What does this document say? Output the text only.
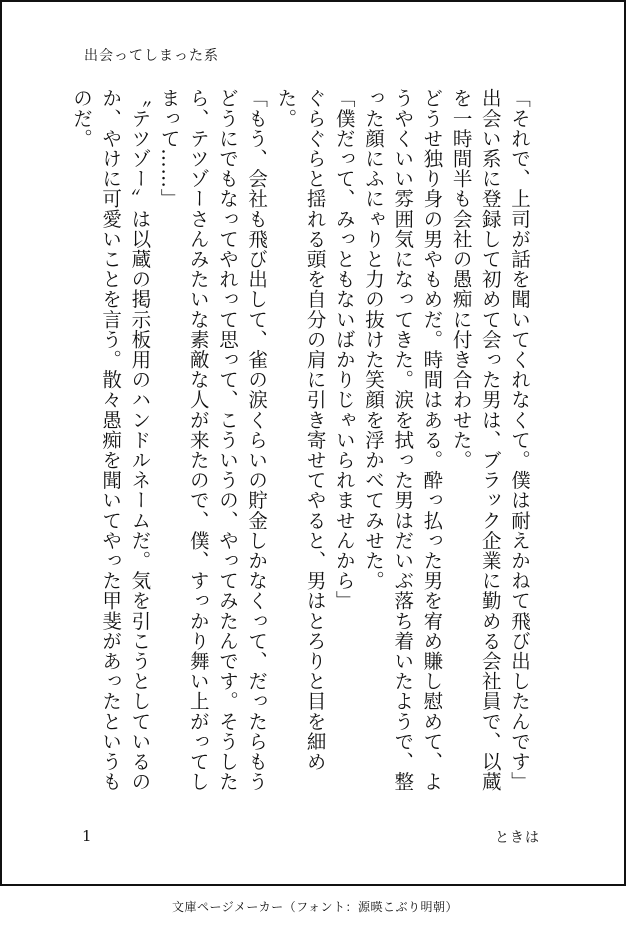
出会ってしまった系

「それで、上司が話を聞いてくれなくて。僕は耐えかねて飛び出したんです」

出会い系に登録して初めて会った男は、ブラック企業に勤める会社員で、以蔵を一時間半も会社の愚痴に付き合わせた。

どうせ独り身の男やもめだ。時間はある。酔っ払った男を宥め賺し慰めて、ようやくいい雰囲気になってきた。涙を拭った男はだいぶ落ち着いたようで、整った顔にふにゃりと力の抜けた笑顔を浮かべてみせた。

「僕だって、みっともないばかりじゃいられませんから」

ぐらぐらと揺れる頭を自分の肩に引き寄せてやると、男はとろりと目を細めた。

「もう、会社も飛び出して、雀の涙くらいの貯金しかなくって、だったらもうどうにでもなってやれって思って、こういうの、やってみたんです。そうしたら、テツゾーさんみたいな素敵な人が来たので、僕、すっかり舞い上がってしまって……」

〝テツゾー〟は以蔵の掲示板用のハンドルネームだ。気を引こうとしているのか、やけに可愛いことを言う。散々愚痴を聞いてやった甲斐があったというものだ。

1	ときは
文庫ページメーカー（フォント：源暎こぶり明朝）
